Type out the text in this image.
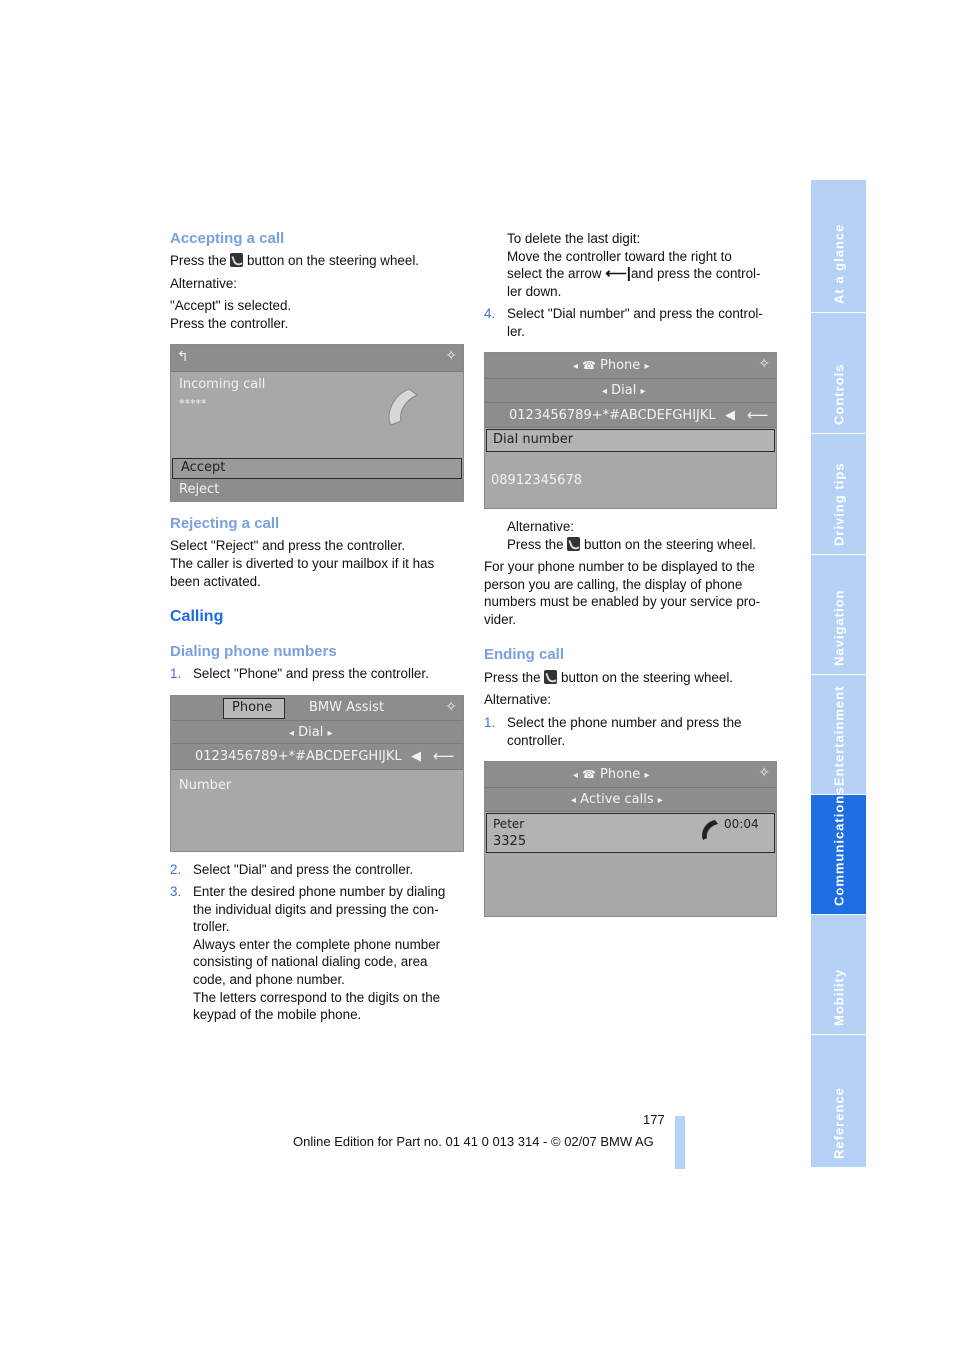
Accepting a call

Press the button on the steering wheel.

Alternative:

"Accept" is selected.

Press the controller.

↰	✧
Incoming call
*****
Accept
Reject
Rejecting a call

Select "Reject" and press the controller.

The caller is diverted to your mailbox if it has

been activated.

Calling
Dialing phone numbers
1. Select "Phone" and press the controller.
Phone	BMW Assist	✧
◂ Dial ▸
0123456789+*#ABCDEFGHIJKL ◀ ⟵
Number
2. Select "Dial" and press the controller.
3. Enter the desired phone number by dialing
the individual digits and pressing the con-
troller.
Always enter the complete phone number
consisting of national dialing code, area
code, and phone number.
The letters correspond to the digits on the
keypad of the mobile phone.
To delete the last digit:
Move the controller toward the right to
select the arrow ⟵|and press the control-
ler down.
4. Select "Dial number" and press the control-
ler.
◂ ☎ Phone ▸	✧
◂ Dial ▸
0123456789+*#ABCDEFGHIJKL ◀ ⟵
Dial number
08912345678

Alternative:

Press the button on the steering wheel.

For your phone number to be displayed to the
person you are calling, the display of phone
numbers must be enabled by your service pro-
vider.
Ending call

Press the button on the steering wheel.

Alternative:

1. Select the phone number and press the
controller.
◂ ☎ Phone ▸	✧
◂ Active calls ▸
Peter
3325
00:04
177
Online Edition for Part no. 01 41 0 013 314 - © 02/07 BMW AG
At a glance
Controls
Driving tips
Navigation
Entertainment
Communications
Mobility
Reference
